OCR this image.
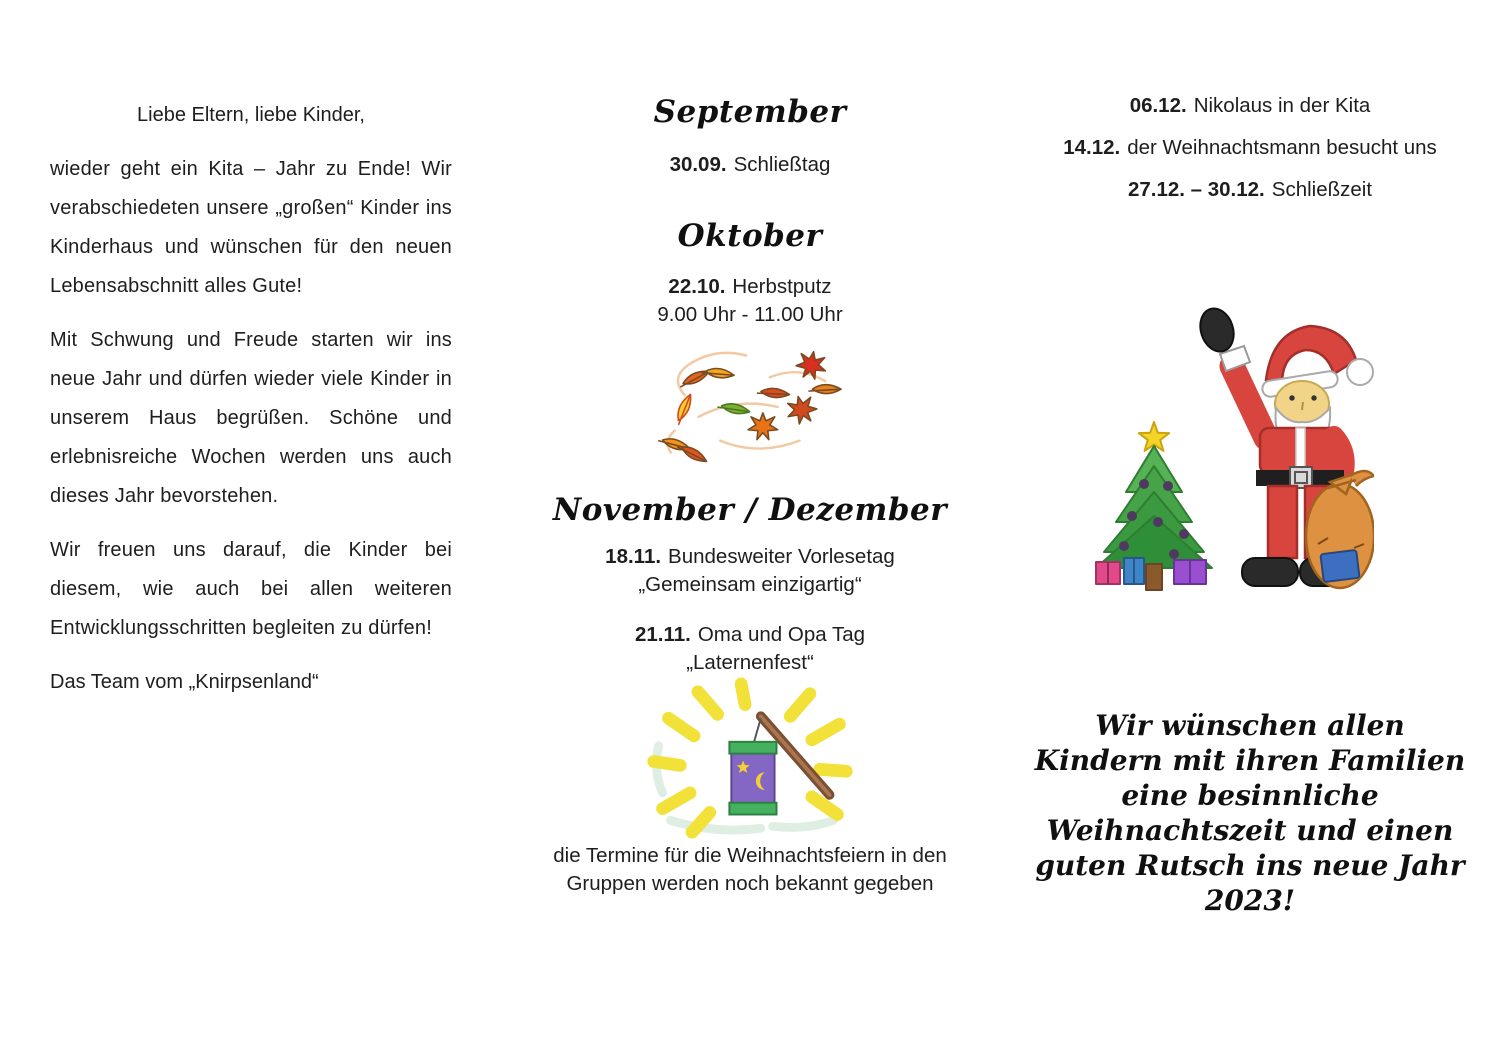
Liebe Eltern, liebe Kinder,

wieder geht ein Kita – Jahr zu Ende! Wir verabschiedeten unsere „großen“ Kinder ins Kinderhaus und wünschen für den neuen Lebensabschnitt alles Gute!

Mit Schwung und Freude starten wir ins neue Jahr und dürfen wieder viele Kinder in unserem Haus begrüßen. Schöne und erlebnisreiche Wochen werden uns auch dieses Jahr bevorstehen.

Wir freuen uns darauf, die Kinder bei diesem, wie auch bei allen weiteren Entwicklungsschritten begleiten zu dürfen!

Das Team vom „Knirpsenland“

September

30.09. Schließtag

Oktober

22.10. Herbstputz

9.00 Uhr - 11.00 Uhr

November / Dezember

18.11. Bundesweiter Vorlesetag
„Gemeinsam einzigartig“

21.11. Oma und Opa Tag
„Laternenfest“

die Termine für die Weihnachtsfeiern in den Gruppen werden noch bekannt gegeben

06.12. Nikolaus in der Kita

14.12. der Weihnachtsmann besucht uns

27.12. – 30.12. Schließzeit

Wir wünschen allen Kindern mit ihren Familien eine besinnliche Weihnachtszeit und einen guten Rutsch ins neue Jahr 2023!
